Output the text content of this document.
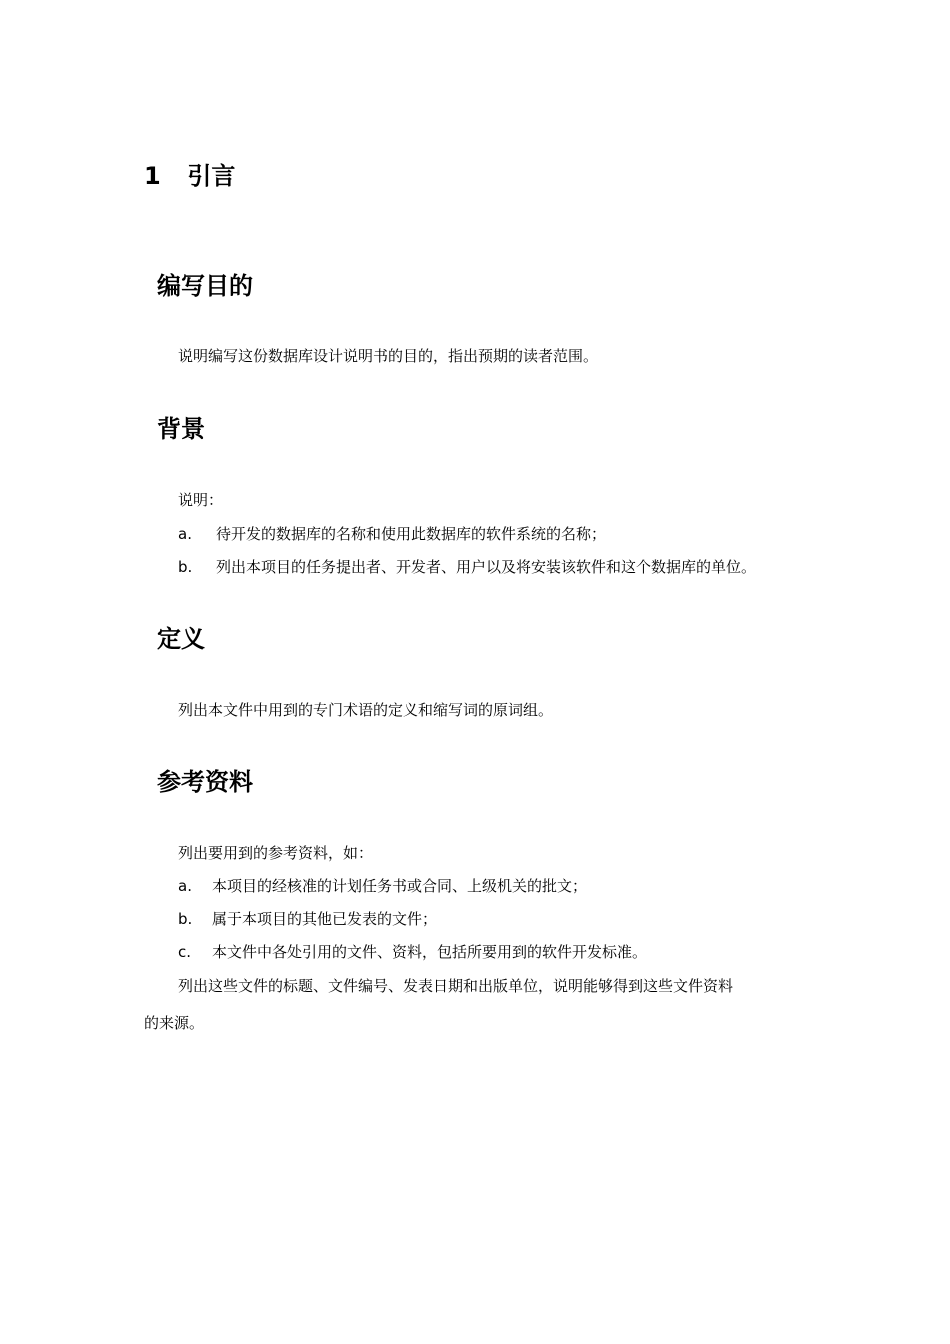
1 引言
编写目的
说明编写这份数据库设计说明书的目的，指出预期的读者范围。
背景
说明：
a. 待开发的数据库的名称和使用此数据库的软件系统的名称；
b. 列出本项目的任务提出者、开发者、用户以及将安装该软件和这个数据库的单位。
定义
列出本文件中用到的专门术语的定义和缩写词的原词组。
参考资料
列出要用到的参考资料，如：
a. 本项目的经核准的计划任务书或合同、上级机关的批文；
b. 属于本项目的其他已发表的文件；
c. 本文件中各处引用的文件、资料，包括所要用到的软件开发标准。
列出这些文件的标题、文件编号、发表日期和出版单位，说明能够得到这些文件资料
的来源。
